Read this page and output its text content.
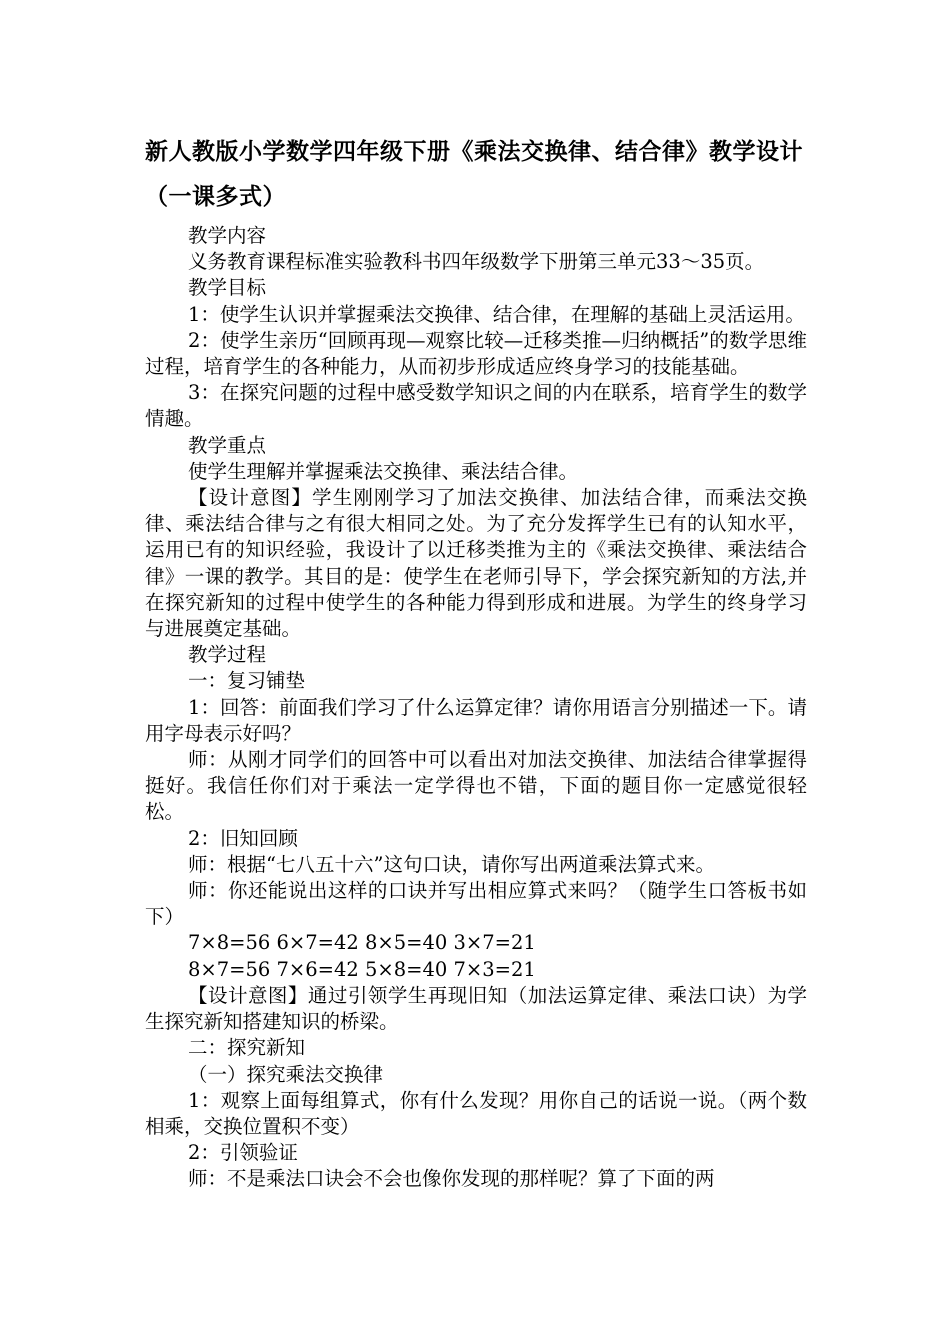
新人教版小学数学四年级下册《乘法交换律、结合律》教学设计（一课多式）

教学内容

义务教育课程标准实验教科书四年级数学下册第三单元33～35页。

教学目标

1：使学生认识并掌握乘法交换律、结合律，在理解的基础上灵活运用。

2：使学生亲历“回顾再现—观察比较—迁移类推—归纳概括”的数学思维过程，培育学生的各种能力，从而初步形成适应终身学习的技能基础。

3：在探究问题的过程中感受数学知识之间的内在联系，培育学生的数学情趣。

教学重点

使学生理解并掌握乘法交换律、乘法结合律。

【设计意图】学生刚刚学习了加法交换律、加法结合律，而乘法交换律、乘法结合律与之有很大相同之处。为了充分发挥学生已有的认知水平，运用已有的知识经验，我设计了以迁移类推为主的《乘法交换律、乘法结合律》一课的教学。其目的是：使学生在老师引导下，学会探究新知的方法,并在探究新知的过程中使学生的各种能力得到形成和进展。为学生的终身学习与进展奠定基础。

教学过程

一：复习铺垫

1：回答：前面我们学习了什么运算定律？请你用语言分别描述一下。请用字母表示好吗？

师：从刚才同学们的回答中可以看出对加法交换律、加法结合律掌握得挺好。我信任你们对于乘法一定学得也不错，下面的题目你一定感觉很轻松。

2：旧知回顾

师：根据“七八五十六”这句口诀，请你写出两道乘法算式来。

师：你还能说出这样的口诀并写出相应算式来吗？（随学生口答板书如下）

7×8=56 6×7=42 8×5=40 3×7=21

8×7=56 7×6=42 5×8=40 7×3=21

【设计意图】通过引领学生再现旧知（加法运算定律、乘法口诀）为学生探究新知搭建知识的桥梁。

二：探究新知

（一）探究乘法交换律

1：观察上面每组算式，你有什么发现？用你自己的话说一说。（两个数相乘，交换位置积不变）

2：引领验证

师：不是乘法口诀会不会也像你发现的那样呢？算了下面的两
